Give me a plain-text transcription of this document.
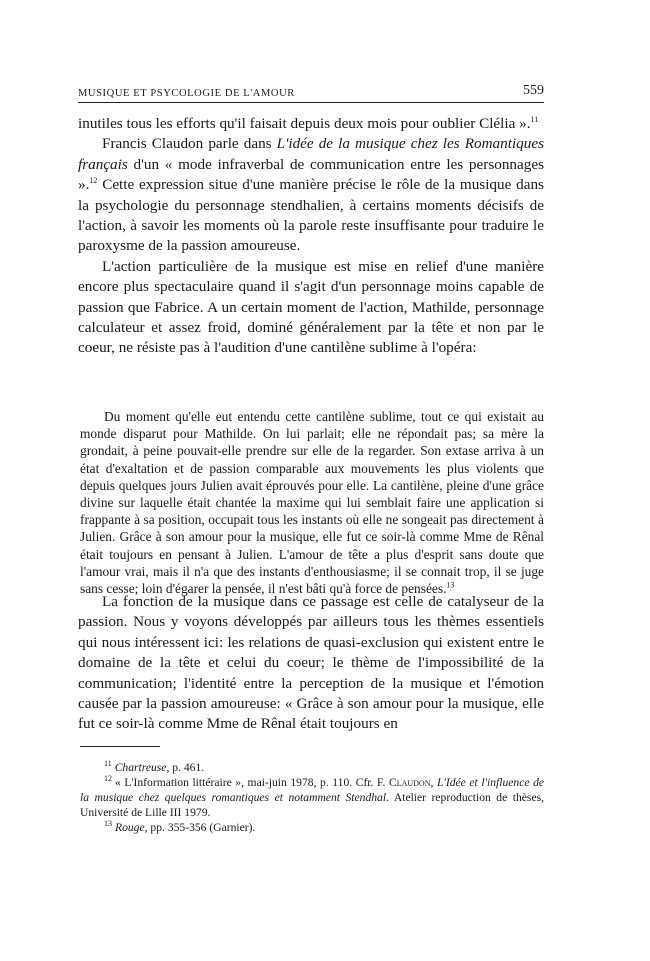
MUSIQUE ET PSYCOLOGIE DE L'AMOUR	559

inutiles tous les efforts qu'il faisait depuis deux mois pour oublier Clélia ».$^{11}$

Francis Claudon parle dans L'idée de la musique chez les Romantiques français d'un « mode infraverbal de communication entre les personnages ».$^{12}$ Cette expression situe d'une manière précise le rôle de la musique dans la psychologie du personnage stendhalien, à certains moments décisifs de l'action, à savoir les moments où la parole reste insuffisante pour traduire le paroxysme de la passion amoureuse.

L'action particulière de la musique est mise en relief d'une manière encore plus spectaculaire quand il s'agit d'un personnage moins capable de passion que Fabrice. A un certain moment de l'action, Mathilde, personnage calculateur et assez froid, dominé généralement par la tête et non par le coeur, ne résiste pas à l'audition d'une cantilène sublime à l'opéra:

Du moment qu'elle eut entendu cette cantilène sublime, tout ce qui existait au monde disparut pour Mathilde. On lui parlait; elle ne répondait pas; sa mère la grondait, à peine pouvait-elle prendre sur elle de la regarder. Son extase arriva à un état d'exaltation et de passion comparable aux mouvements les plus violents que depuis quelques jours Julien avait éprouvés pour elle. La cantilène, pleine d'une grâce divine sur laquelle était chantée la maxime qui lui semblait faire une application si frappante à sa position, occupait tous les instants où elle ne songeait pas directement à Julien. Grâce à son amour pour la musique, elle fut ce soir-là comme Mme de Rênal était toujours en pensant à Julien. L'amour de tête a plus d'esprit sans doute que l'amour vrai, mais il n'a que des instants d'enthousiasme; il se connait trop, il se juge sans cesse; loin d'égarer la pensée, il n'est bâti qu'à force de pensées.$^{13}$

La fonction de la musique dans ce passage est celle de catalyseur de la passion. Nous y voyons développés par ailleurs tous les thèmes essentiels qui nous intéressent ici: les relations de quasi-exclusion qui existent entre le domaine de la tête et celui du coeur; le thème de l'impossibilité de la communication; l'identité entre la perception de la musique et l'émotion causée par la passion amoureuse: « Grâce à son amour pour la musique, elle fut ce soir-là comme Mme de Rênal était toujours en

$^{11}$ Chartreuse, p. 461.

$^{12}$ « L'Information littéraire », mai-juin 1978, p. 110. Cfr. F. Claudon, L'Idée et l'influence de la musique chez quelques romantiques et notamment Stendhal. Atelier reproduction de thèses, Université de Lille III 1979.

$^{13}$ Rouge, pp. 355-356 (Garnier).
